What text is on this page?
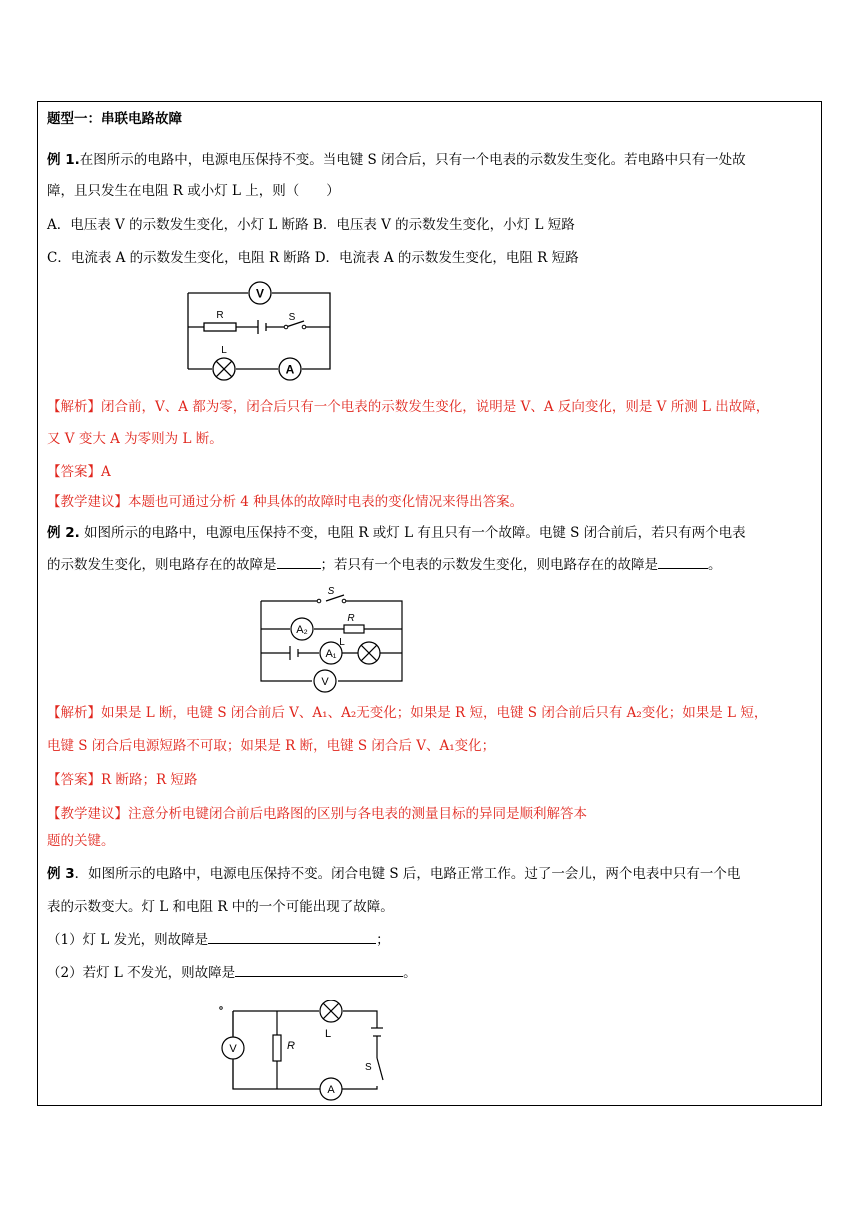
题型一：串联电路故障
例 1.在图所示的电路中，电源电压保持不变。当电键 S 闭合后，只有一个电表的示数发生变化。若电路中只有一处故
障，且只发生在电阻 R 或小灯 L 上，则（　　）
A．电压表 V 的示数发生变化，小灯 L 断路 B．电压表 V 的示数发生变化，小灯 L 短路
C．电流表 A 的示数发生变化，电阻 R 断路 D．电流表 A 的示数发生变化，电阻 R 短路
V
R	S
L
A
【解析】闭合前，V、A 都为零，闭合后只有一个电表的示数发生变化，说明是 V、A 反向变化，则是 V 所测 L 出故障，
又 V 变大 A 为零则为 L 断。
【答案】A
【教学建议】本题也可通过分析 4 种具体的故障时电表的变化情况来得出答案。
例 2. 如图所示的电路中，电源电压保持不变，电阻 R 或灯 L 有且只有一个故障。电键 S 闭合前后，若只有两个电表
的示数发生变化，则电路存在的故障是	；若只有一个电表的示数发生变化，则电路存在的故障是	。
S
R
A₂
L
A₁
V
【解析】如果是 L 断，电键 S 闭合前后 V、A₁、A₂无变化；如果是 R 短，电键 S 闭合前后只有 A₂变化；如果是 L 短，
电键 S 闭合后电源短路不可取；如果是 R 断，电键 S 闭合后 V、A₁变化；
【答案】R 断路；R 短路
【教学建议】注意分析电键闭合前后电路图的区别与各电表的测量目标的异同是顺利解答本
题的关键。
例 3．如图所示的电路中，电源电压保持不变。闭合电键 S 后，电路正常工作。过了一会儿，两个电表中只有一个电
表的示数变大。灯 L 和电阻 R 中的一个可能出现了故障。
（1）灯 L 发光，则故障是	；
（2）若灯 L 不发光，则故障是	。
V	R
L
S
A
